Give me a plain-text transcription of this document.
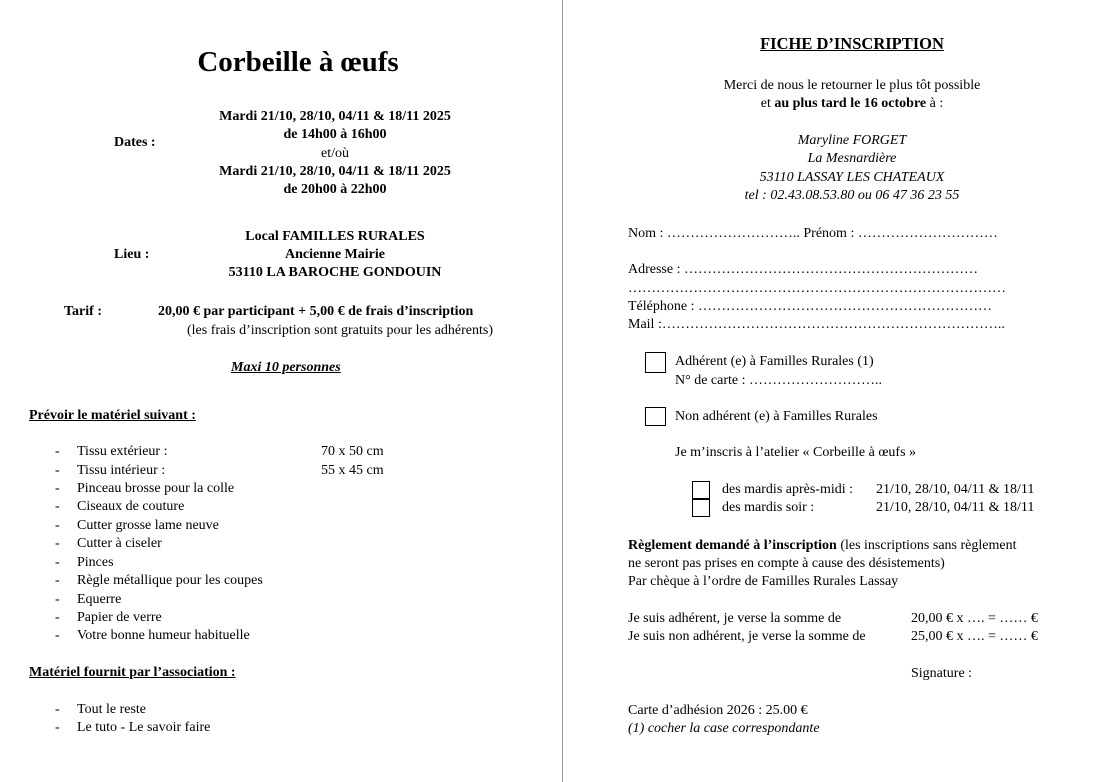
Corbeille à œufs
Dates :
Mardi 21/10, 28/10, 04/11 & 18/11 2025
de 14h00 à 16h00
et/où
Mardi 21/10, 28/10, 04/11 & 18/11 2025
de 20h00 à 22h00
Lieu :
Local FAMILLES RURALES
Ancienne Mairie
53110 LA BAROCHE GONDOUIN
Tarif :	20,00 € par participant + 5,00 € de frais d’inscription
(les frais d’inscription sont gratuits pour les adhérents)
Maxi 10 personnes
Prévoir le matériel suivant :
- Tissu extérieur :	70 x 50 cm
- Tissu intérieur :	55 x 45 cm
- Pinceau brosse pour la colle
- Ciseaux de couture
- Cutter grosse lame neuve
- Cutter à ciseler
- Pinces
- Règle métallique pour les coupes
- Equerre
- Papier de verre
- Votre bonne humeur habituelle
Matériel fournit par l’association :
- Tout le reste
- Le tuto - Le savoir faire
FICHE D’INSCRIPTION
Merci de nous le retourner le plus tôt possible
et au plus tard le 16 octobre à :
Maryline FORGET
La Mesnardière
53110 LASSAY LES CHATEAUX
tel : 02.43.08.53.80 ou 06 47 36 23 55
Nom : ……………………….. Prénom : …………………………
Adresse : ………………………………………………………
………………………………………………………………………
Téléphone : ………………………………………………………
Mail :………………………………………………………………..
Adhérent (e) à Familles Rurales (1)
N° de carte : ………………………..
Non adhérent (e) à Familles Rurales
Je m’inscris à l’atelier « Corbeille à œufs »
des mardis après-midi : 21/10, 28/10, 04/11 & 18/11
des mardis soir :	21/10, 28/10, 04/11 & 18/11
Règlement demandé à l’inscription (les inscriptions sans règlement
ne seront pas prises en compte à cause des désistements)
Par chèque à l’ordre de Familles Rurales Lassay
Je suis adhérent, je verse la somme de	20,00 € x …. = …… €
Je suis non adhérent, je verse la somme de	25,00 € x …. = …… €
Signature :
Carte d’adhésion 2026 : 25.00 €
(1) cocher la case correspondante
